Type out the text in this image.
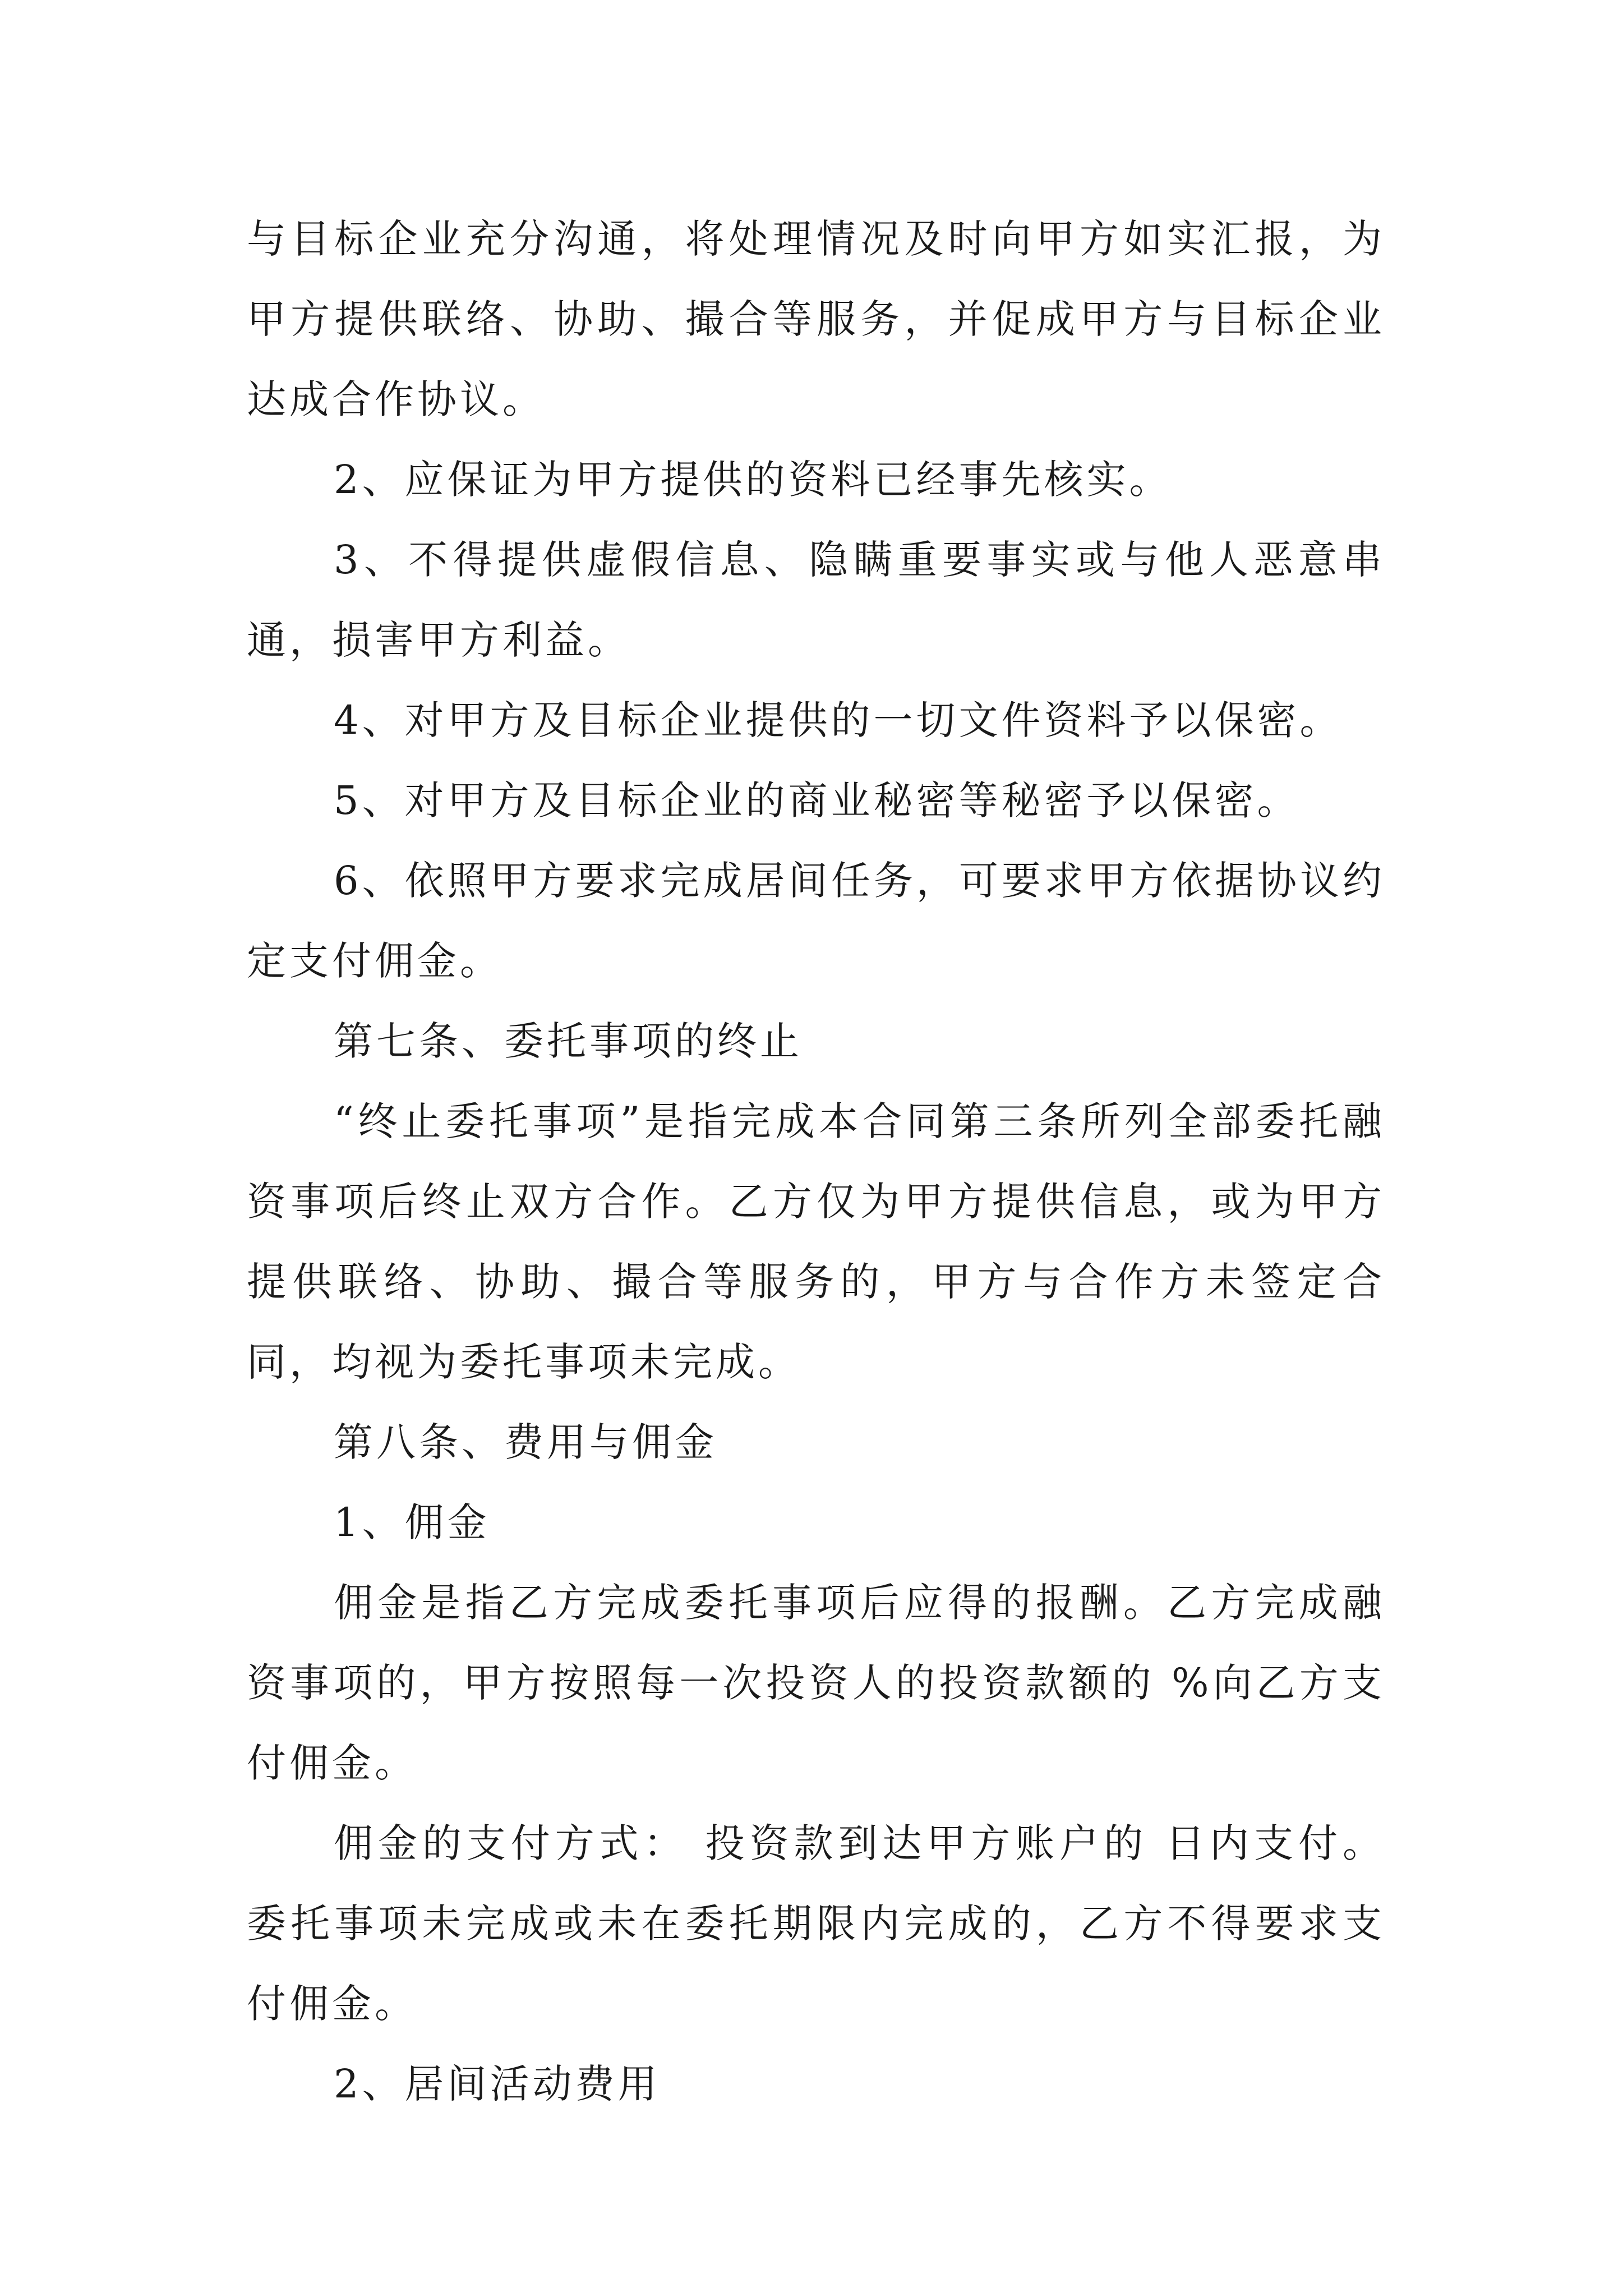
与目标企业充分沟通，将处理情况及时向甲方如实汇报，为甲方提供联络、协助、撮合等服务，并促成甲方与目标企业达成合作协议。

2、应保证为甲方提供的资料已经事先核实。

3、不得提供虚假信息、隐瞒重要事实或与他人恶意串通，损害甲方利益。

4、对甲方及目标企业提供的一切文件资料予以保密。

5、对甲方及目标企业的商业秘密等秘密予以保密。

6、依照甲方要求完成居间任务，可要求甲方依据协议约定支付佣金。

第七条、委托事项的终止

“终止委托事项”是指完成本合同第三条所列全部委托融资事项后终止双方合作。乙方仅为甲方提供信息，或为甲方提供联络、协助、撮合等服务的，甲方与合作方未签定合同，均视为委托事项未完成。

第八条、费用与佣金

1、佣金

佣金是指乙方完成委托事项后应得的报酬。乙方完成融资事项的，甲方按照每一次投资人的投资款额的 %向乙方支付佣金。

佣金的支付方式： 投资款到达甲方账户的 日内支付。委托事项未完成或未在委托期限内完成的，乙方不得要求支付佣金。

2、居间活动费用
